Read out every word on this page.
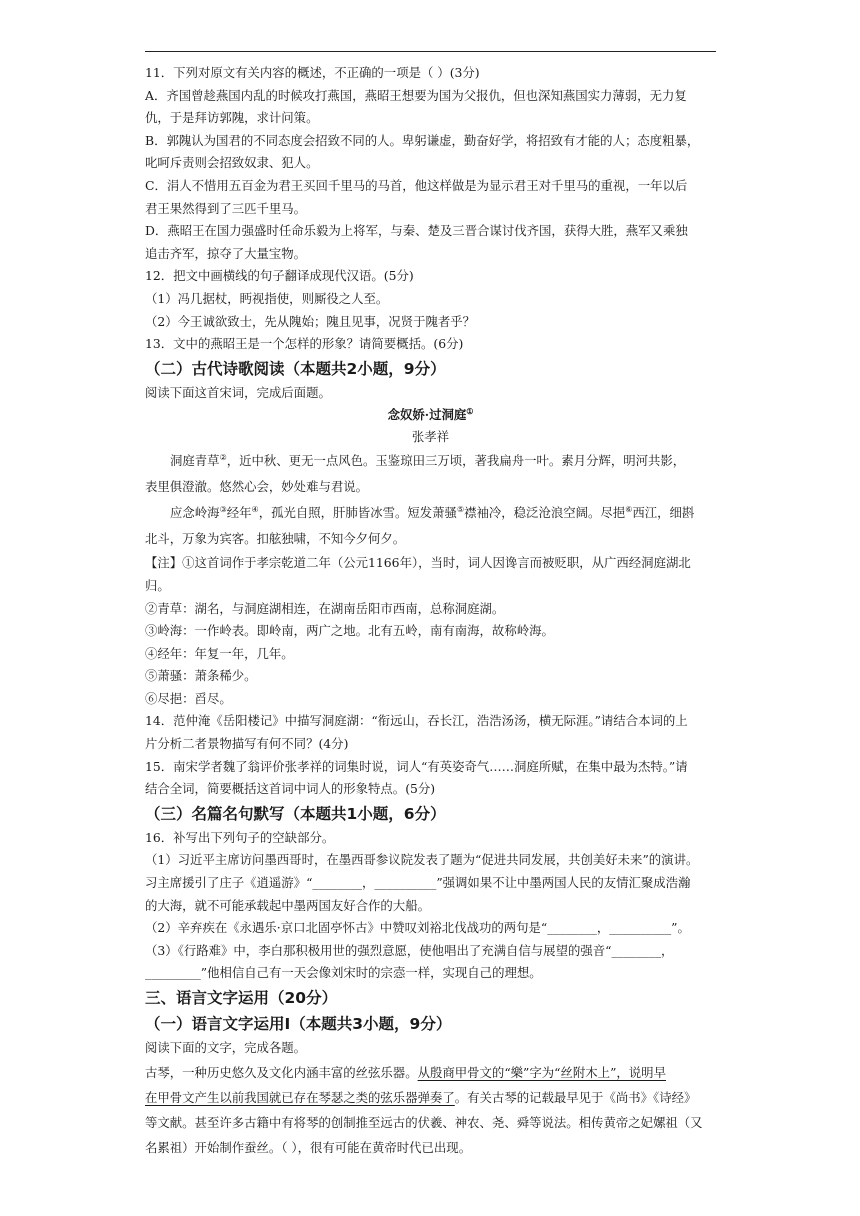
11．下列对原文有关内容的概述，不正确的一项是（ ）(3分)

A．齐国曾趁燕国内乱的时候攻打燕国，燕昭王想要为国为父报仇，但也深知燕国实力薄弱，无力复

仇，于是拜访郭隗，求计问策。

B．郭隗认为国君的不同态度会招致不同的人。卑躬谦虚，勤奋好学，将招致有才能的人；态度粗暴，

叱呵斥责则会招致奴隶、犯人。

C．涓人不惜用五百金为君王买回千里马的马首，他这样做是为显示君王对千里马的重视，一年以后

君王果然得到了三匹千里马。

D．燕昭王在国力强盛时任命乐毅为上将军，与秦、楚及三晋合谋讨伐齐国，获得大胜，燕军又乘独

追击齐军，掠夺了大量宝物。

12．把文中画横线的句子翻译成现代汉语。(5分)

（1）冯几据杖，眄视指使，则厮役之人至。

（2）今王诚欲致士，先从隗始；隗且见事，况贤于隗者乎？

13．文中的燕昭王是一个怎样的形象？请简要概括。(6分)

（二）古代诗歌阅读（本题共2小题，9分）

阅读下面这首宋词，完成后面题。

念奴娇·过洞庭①

张孝祥

洞庭青草②，近中秋、更无一点风色。玉鉴琼田三万顷，著我扁舟一叶。素月分辉，明河共影，

表里俱澄澈。悠然心会，妙处难与君说。

应念岭海③经年④，孤光自照，肝肺皆冰雪。短发萧骚⑤襟袖冷，稳泛沧浪空阔。尽挹⑥西江，细斟

北斗，万象为宾客。扣舷独啸，不知今夕何夕。

【注】①这首词作于孝宗乾道二年（公元1166年），当时，词人因谗言而被贬职，从广西经洞庭湖北

归。

②青草：湖名，与洞庭湖相连，在湖南岳阳市西南，总称洞庭湖。

③岭海：一作岭表。即岭南，两广之地。北有五岭，南有南海，故称岭海。

④经年：年复一年，几年。

⑤萧骚：萧条稀少。

⑥尽挹：舀尽。

14．范仲淹《岳阳楼记》中描写洞庭湖：“衔远山，吞长江，浩浩汤汤，横无际涯。”请结合本词的上

片分析二者景物描写有何不同？(4分)

15．南宋学者魏了翁评价张孝祥的词集时说，词人“有英姿奇气……洞庭所赋，在集中最为杰特。”请

结合全词，简要概括这首词中词人的形象特点。(5分)

（三）名篇名句默写（本题共1小题，6分）

16．补写出下列句子的空缺部分。

（1）习近平主席访问墨西哥时，在墨西哥参议院发表了题为“促进共同发展，共创美好未来”的演讲。

习主席援引了庄子《逍遥游》“________，__________”强调如果不让中墨两国人民的友情汇聚成浩瀚

的大海，就不可能承载起中墨两国友好合作的大船。

（2）辛弃疾在《永遇乐·京口北固亭怀古》中赞叹刘裕北伐战功的两句是“________，__________”。

（3）《行路难》中，李白那积极用世的强烈意愿，使他唱出了充满自信与展望的强音“________，

_________”他相信自己有一天会像刘宋时的宗悫一样，实现自己的理想。

三、语言文字运用（20分）

（一）语言文字运用Ⅰ（本题共3小题，9分）

阅读下面的文字，完成各题。

古琴，一种历史悠久及文化内涵丰富的丝弦乐器。从殷商甲骨文的“樂”字为“丝附木上”，说明早

在甲骨文产生以前我国就已存在琴瑟之类的弦乐器弹奏了。有关古琴的记载最早见于《尚书》《诗经》

等文献。甚至许多古籍中有将琴的创制推至远古的伏羲、神农、尧、舜等说法。相传黄帝之妃嫘祖（又

名累祖）开始制作蚕丝。（ ），很有可能在黄帝时代已出现。
